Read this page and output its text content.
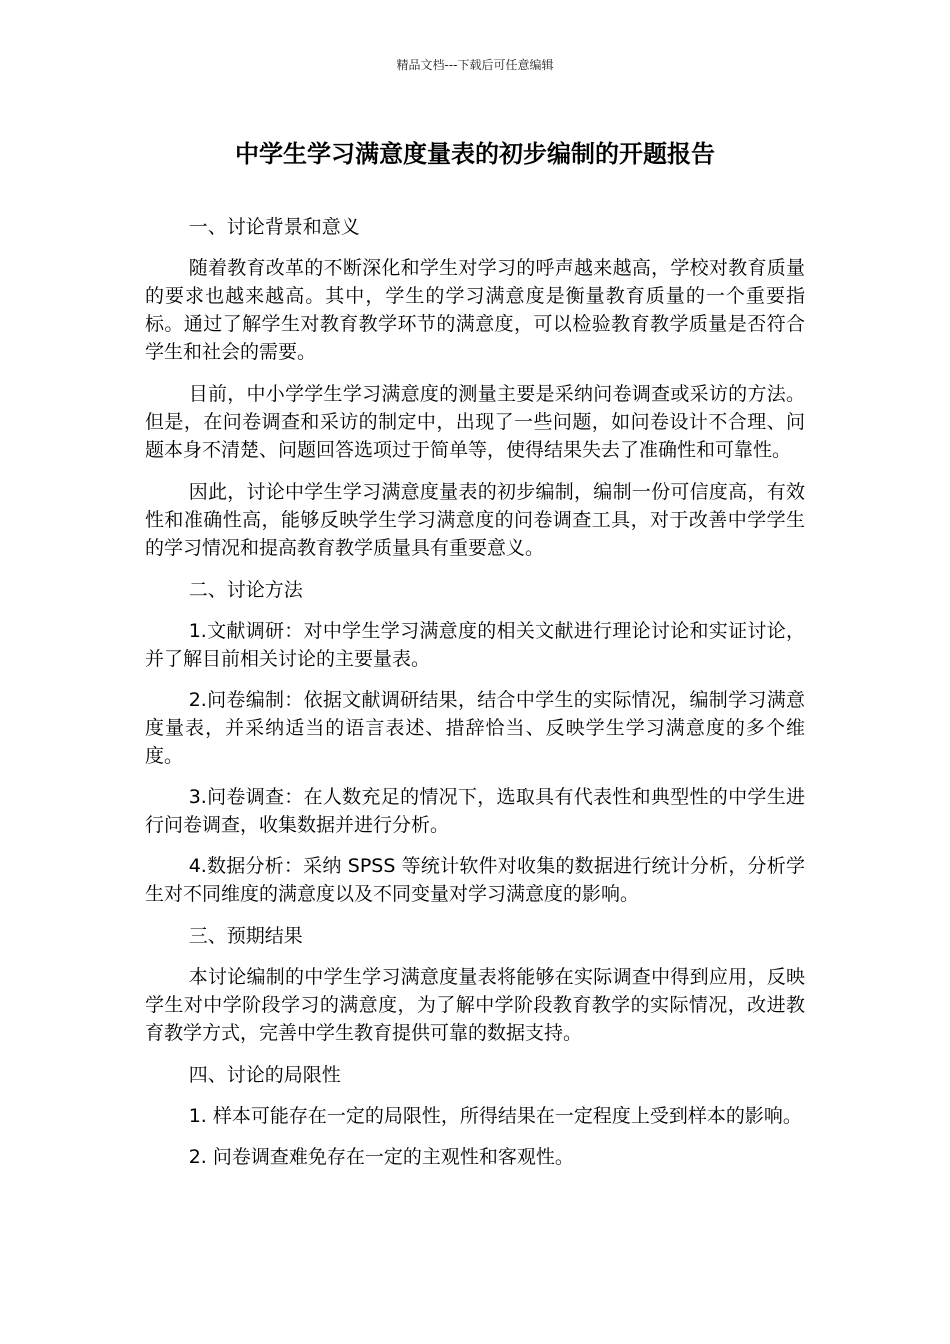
精品文档---下载后可任意编辑
中学生学习满意度量表的初步编制的开题报告

一、讨论背景和意义

随着教育改革的不断深化和学生对学习的呼声越来越高，学校对教育质量的要求也越来越高。其中，学生的学习满意度是衡量教育质量的一个重要指标。通过了解学生对教育教学环节的满意度，可以检验教育教学质量是否符合学生和社会的需要。

目前，中小学学生学习满意度的测量主要是采纳问卷调查或采访的方法。但是，在问卷调查和采访的制定中，出现了一些问题，如问卷设计不合理、问题本身不清楚、问题回答选项过于简单等，使得结果失去了准确性和可靠性。

因此，讨论中学生学习满意度量表的初步编制，编制一份可信度高，有效性和准确性高，能够反映学生学习满意度的问卷调查工具，对于改善中学学生的学习情况和提高教育教学质量具有重要意义。

二、讨论方法

1.文献调研：对中学生学习满意度的相关文献进行理论讨论和实证讨论，并了解目前相关讨论的主要量表。

2.问卷编制：依据文献调研结果，结合中学生的实际情况，编制学习满意度量表，并采纳适当的语言表述、措辞恰当、反映学生学习满意度的多个维度。

3.问卷调查：在人数充足的情况下，选取具有代表性和典型性的中学生进行问卷调查，收集数据并进行分析。

4.数据分析：采纳 SPSS 等统计软件对收集的数据进行统计分析，分析学生对不同维度的满意度以及不同变量对学习满意度的影响。

三、预期结果

本讨论编制的中学生学习满意度量表将能够在实际调查中得到应用，反映学生对中学阶段学习的满意度，为了解中学阶段教育教学的实际情况，改进教育教学方式，完善中学生教育提供可靠的数据支持。

四、讨论的局限性

1. 样本可能存在一定的局限性，所得结果在一定程度上受到样本的影响。

2. 问卷调查难免存在一定的主观性和客观性。
